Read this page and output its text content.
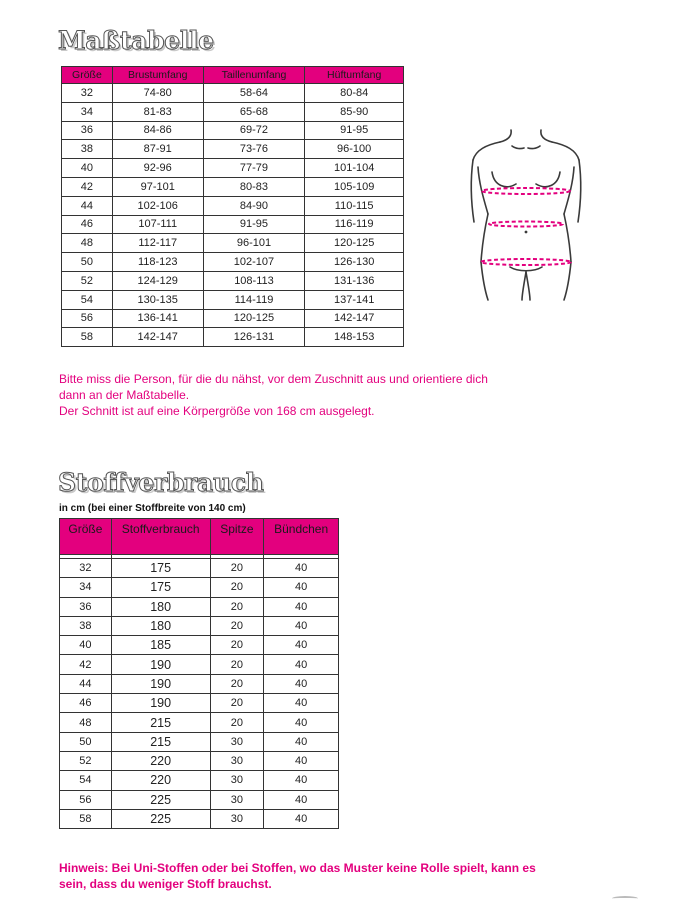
Maßtabelle
Größe	Brustumfang	Taillenumfang	Hüftumfang
32	74-80	58-64	80-84
34	81-83	65-68	85-90
36	84-86	69-72	91-95
38	87-91	73-76	96-100
40	92-96	77-79	101-104
42	97-101	80-83	105-109
44	102-106	84-90	110-115
46	107-111	91-95	116-119
48	112-117	96-101	120-125
50	118-123	102-107	126-130
52	124-129	108-113	131-136
54	130-135	114-119	137-141
56	136-141	120-125	142-147
58	142-147	126-131	148-153
Bitte miss die Person, für die du nähst, vor dem Zuschnitt aus und orientiere dich
dann an der Maßtabelle.
Der Schnitt ist auf eine Körpergröße von 168 cm ausgelegt.
Stoffverbrauch
in cm (bei einer Stoffbreite von 140 cm)
Größe	Stoffverbrauch	Spitze	Bündchen

32	175	20	40
34	175	20	40
36	180	20	40
38	180	20	40
40	185	20	40
42	190	20	40
44	190	20	40
46	190	20	40
48	215	20	40
50	215	30	40
52	220	30	40
54	220	30	40
56	225	30	40
58	225	30	40
Hinweis: Bei Uni-Stoffen oder bei Stoffen, wo das Muster keine Rolle spielt, kann es
sein, dass du weniger Stoff brauchst.
